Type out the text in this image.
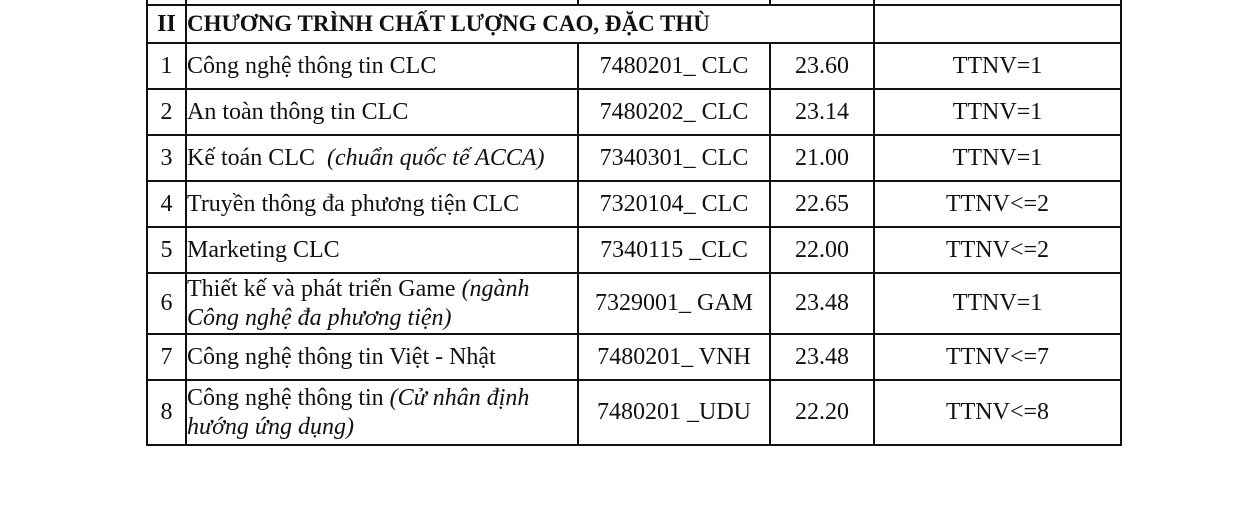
II	CHƯƠNG TRÌNH CHẤT LƯỢNG CAO, ĐẶC THÙ			
1	Công nghệ thông tin CLC	7480201_ CLC	23.60	TTNV=1
2	An toàn thông tin CLC	7480202_ CLC	23.14	TTNV=1
3	Kế toán CLC  (chuẩn quốc tế ACCA)	7340301_ CLC	21.00	TTNV=1
4	Truyền thông đa phương tiện CLC	7320104_ CLC	22.65	TTNV<=2
5	Marketing CLC	7340115 _CLC	22.00	TTNV<=2
6	Thiết kế và phát triển Game (ngành Công nghệ đa phương tiện)	7329001_ GAM	23.48	TTNV=1
7	Công nghệ thông tin Việt - Nhật	7480201_ VNH	23.48	TTNV<=7
8	Công nghệ thông tin (Cử nhân định hướng ứng dụng)	7480201 _UDU	22.20	TTNV<=8
